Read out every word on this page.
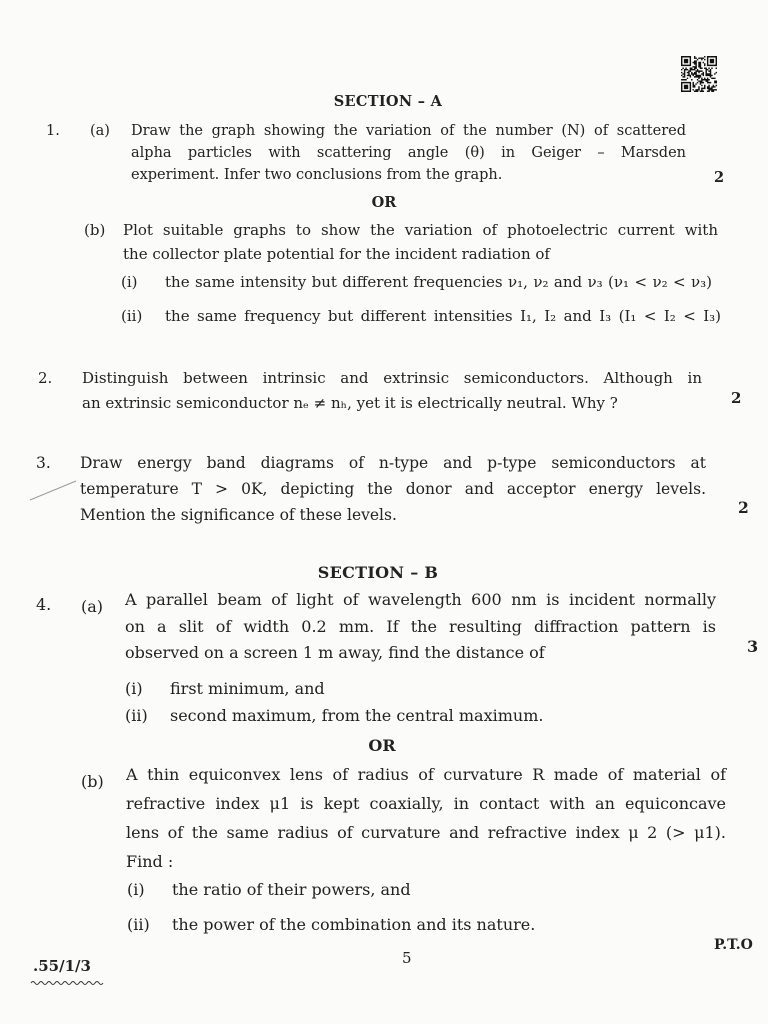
SECTION – A
1. (a) Draw the graph showing the variation of the number (N) of scattered
alpha particles with scattering angle (θ) in Geiger – Marsden
experiment. Infer two conclusions from the graph.	2
OR
(b) Plot suitable graphs to show the variation of photoelectric current with
the collector plate potential for the incident radiation of
(i) the same intensity but different frequencies ν₁, ν₂ and ν₃ (ν₁ < ν₂ < ν₃)
(ii) the same frequency but different intensities I₁, I₂ and I₃ (I₁ < I₂ < I₃)
2. Distinguish between intrinsic and extrinsic semiconductors. Although in
an extrinsic semiconductor nₑ ≠ nₕ, yet it is electrically neutral. Why ?	2
3. Draw energy band diagrams of n-type and p-type semiconductors at
temperature T > 0K, depicting the donor and acceptor energy levels.
Mention the significance of these levels.	2
SECTION – B
4. (a) A parallel beam of light of wavelength 600 nm is incident normally
on a slit of width 0.2 mm. If the resulting diffraction pattern is
observed on a screen 1 m away, find the distance of	3
(i) first minimum, and
(ii) second maximum, from the central maximum.
OR
(b) A thin equiconvex lens of radius of curvature R made of material of
refractive index μ1 is kept coaxially, in contact with an equiconcave
lens of the same radius of curvature and refractive index μ 2 (> μ1).
Find :
(i) the ratio of their powers, and
(ii) the power of the combination and its nature.
.55/1/3	5
P.T.O
